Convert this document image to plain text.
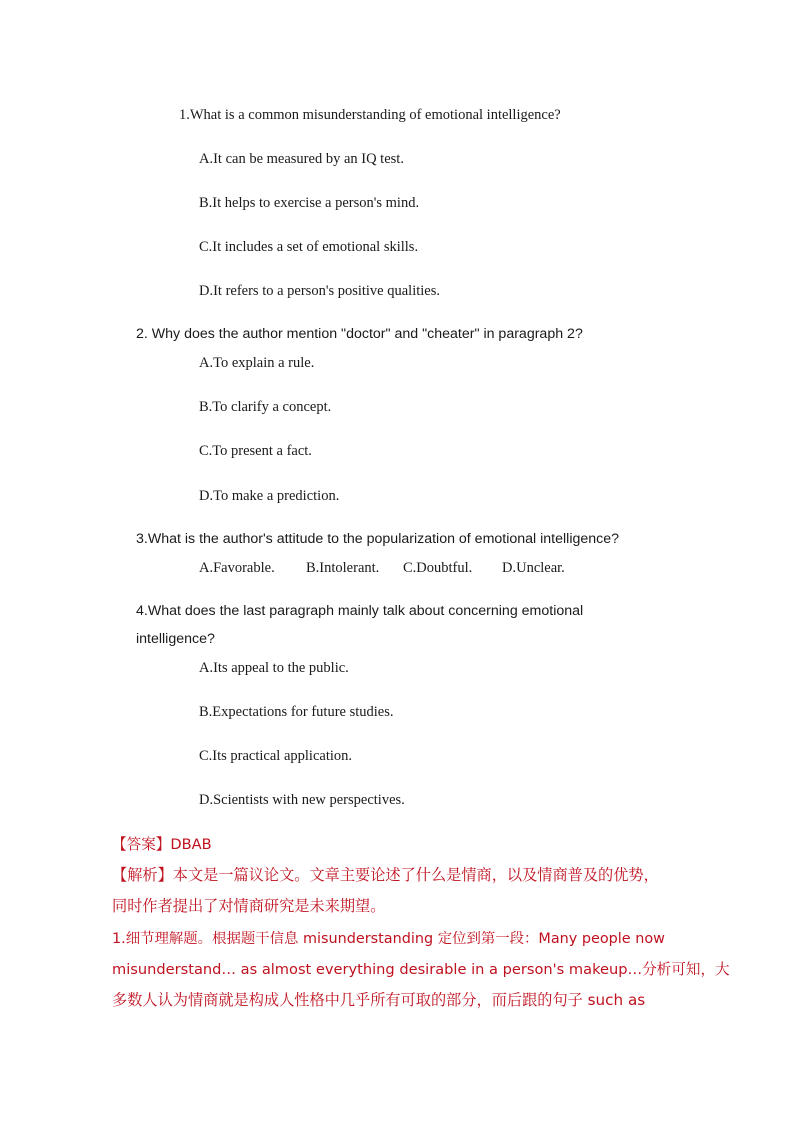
1.What is a common misunderstanding of emotional intelligence?
A.It can be measured by an IQ test.
B.It helps to exercise a person's mind.
C.It includes a set of emotional skills.
D.It refers to a person's positive qualities.
2. Why does the author mention "doctor" and "cheater" in paragraph 2?
A.To explain a rule.
B.To clarify a concept.
C.To present a fact.
D.To make a prediction.
3.What is the author's attitude to the popularization of emotional intelligence?
A.Favorable. B.Intolerant. C.Doubtful. D.Unclear.
4.What does the last paragraph mainly talk about concerning emotional
intelligence?
A.Its appeal to the public.
B.Expectations for future studies.
C.Its practical application.
D.Scientists with new perspectives.
【答案】DBAB
【解析】本文是一篇议论文。文章主要论述了什么是情商，以及情商普及的优势，
同时作者提出了对情商研究是未来期望。
1.细节理解题。根据题干信息 misunderstanding 定位到第一段：Many people now
misunderstand… as almost everything desirable in a person's makeup…分析可知，大
多数人认为情商就是构成人性格中几乎所有可取的部分，而后跟的句子 such as
